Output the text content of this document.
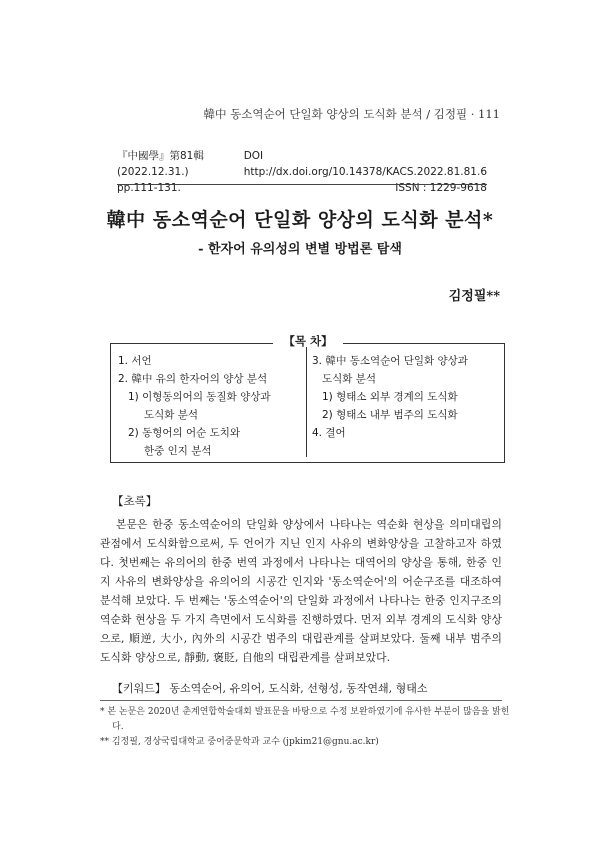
韓中 동소역순어 단일화 양상의 도식화 분석 / 김정필 · 111
『中國學』第81輯 (2022.12.31.)
DOI http://dx.doi.org/10.14378/KACS.2022.81.81.6
pp.111-131.	ISSN : 1229-9618
韓中 동소역순어 단일화 양상의 도식화 분석*
- 한자어 유의성의 변별 방법론 탐색
김정필**
【목 차】
1. 서언
2. 韓中 유의 한자어의 양상 분석
1) 이형동의어의 동질화 양상과
도식화 분석
2) 동형어의 어순 도치와
한중 인지 분석
3. 韓中 동소역순어 단일화 양상과
도식화 분석
1) 형태소 외부 경계의 도식화
2) 형태소 내부 범주의 도식화
4. 결어
【초록】
본문은 한중 동소역순어의 단일화 양상에서 나타나는 역순화 현상을 의미대립의 관점에서 도식화함으로써, 두 언어가 지닌 인지 사유의 변화양상을 고찰하고자 하였다. 첫번째는 유의어의 한중 번역 과정에서 나타나는 대역어의 양상을 통해, 한중 인지 사유의 변화양상을 유의어의 시공간 인지와 '동소역순어'의 어순구조를 대조하여 분석해 보았다. 두 번째는 '동소역순어'의 단일화 과정에서 나타나는 한중 인지구조의 역순화 현상을 두 가지 측면에서 도식화를 진행하였다. 먼저 외부 경계의 도식화 양상으로, 順逆, 大小, 內外의 시공간 범주의 대립관계를 살펴보았다. 둘째 내부 범주의 도식화 양상으로, 靜動, 褒貶, 自他의 대립관계를 살펴보았다.
【키워드】 동소역순어, 유의어, 도식화, 선형성, 동작연쇄, 형태소
* 본 논문은 2020년 춘계연합학술대회 발표문을 바탕으로 수정 보완하였기에 유사한 부분이 많음을 밝힌다.
** 김정필, 경상국립대학교 중어중문학과 교수 (jpkim21@gnu.ac.kr)
